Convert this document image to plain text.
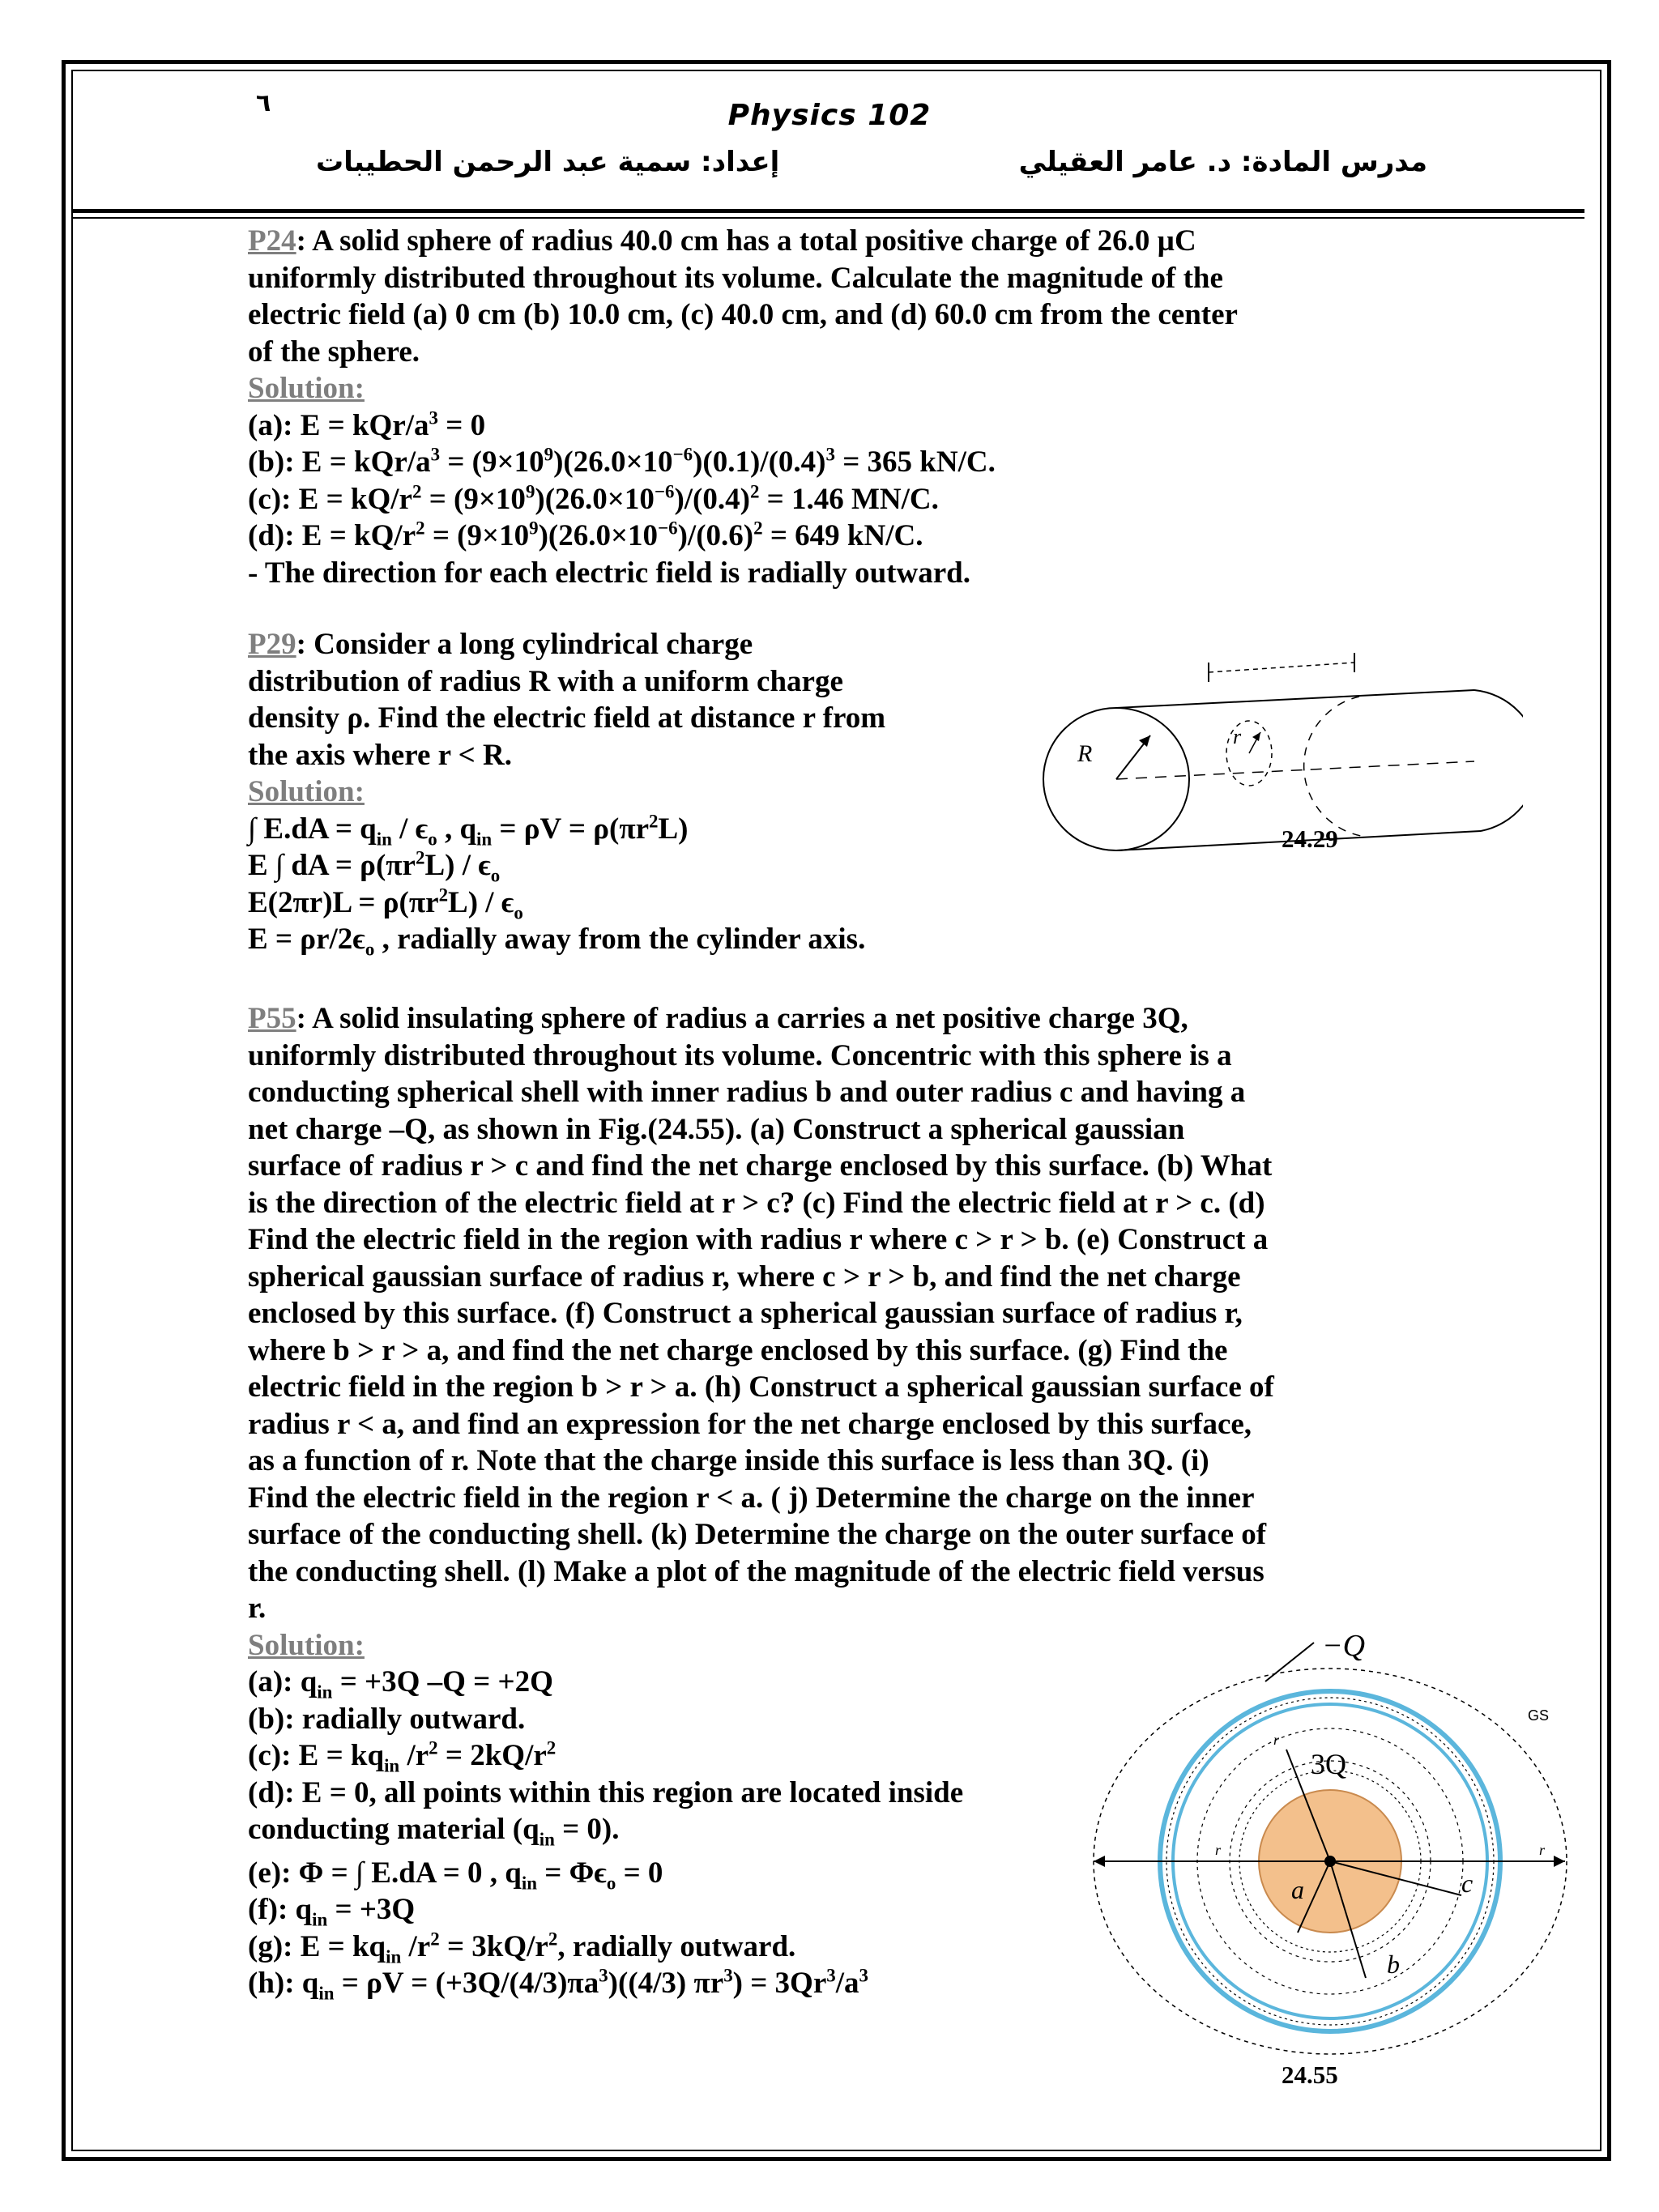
٦	Physics 102
إعداد: سمية عبد الرحمن الحطيبات	مدرس المادة: د. عامر العقيلي

P24: A solid sphere of radius 40.0 cm has a total positive charge of 26.0 µC

uniformly distributed throughout its volume. Calculate the magnitude of the

electric field (a) 0 cm (b) 10.0 cm, (c) 40.0 cm, and (d) 60.0 cm from the center

of the sphere.

Solution:

(a): E = kQr/$a^3 = 0$

(b): E = kQr/$a^3 = (9\times 10^9)(26.0\times 10^{-6})(0.1)/(0.4)^3 = 365$ kN/C.

(c): $E = kQ/r^2 = (9\times 10^9)(26.0\times 10^{-6})/(0.4)^2 = 1.46$ MN/C.

(d): $E = kQ/r^2 = (9\times 10^9)(26.0\times 10^{-6})/(0.6)^2 = 649$ kN/C.

- The direction for each electric field is radially outward.

P29: Consider a long cylindrical charge

distribution of radius R with a uniform charge

density ρ. Find the electric field at distance r from

the axis where r < R.

Solution:

∫ $E.dA = q_{in} / \epsilon_o$ , $q_{in} = \rho V = \rho(\pi r^2L)$

E ∫ dA = $\rho(\pi r^2L) / \epsilon_o$

$E(2\pi r)L = \rho(\pi r^2L) / \epsilon_o$

$E = \rho r/2\epsilon_o$ , radially away from the cylinder axis.

R
r
24.29

P55: A solid insulating sphere of radius a carries a net positive charge 3Q,

uniformly distributed throughout its volume. Concentric with this sphere is a

conducting spherical shell with inner radius b and outer radius c and having a

net charge –Q, as shown in Fig.(24.55). (a) Construct a spherical gaussian

surface of radius r > c and find the net charge enclosed by this surface. (b) What

is the direction of the electric field at r > c? (c) Find the electric field at r > c. (d)

Find the electric field in the region with radius r where c > r > b. (e) Construct a

spherical gaussian surface of radius r, where c > r > b, and find the net charge

enclosed by this surface. (f) Construct a spherical gaussian surface of radius r,

where b > r > a, and find the net charge enclosed by this surface. (g) Find the

electric field in the region b > r > a. (h) Construct a spherical gaussian surface of

radius r < a, and find an expression for the net charge enclosed by this surface,

as a function of r. Note that the charge inside this surface is less than 3Q. (i)

Find the electric field in the region r < a. ( j) Determine the charge on the inner

surface of the conducting shell. (k) Determine the charge on the outer surface of

the conducting shell. (l) Make a plot of the magnitude of the electric field versus

r.

Solution:

(a): $q_{in} = +3Q$ –Q = +2Q

(b): radially outward.

(c): $E = kq_{in}$ $/r^2 = 2kQ/r^2$

(d): E = 0, all points within this region are located inside

conducting material $(q_{in} = 0)$.

(e): Φ = ∫ E.dA = 0 , $q_{in} = \Phi\epsilon_o = 0$

(f): $q_{in} = +3Q$

(g): $E = kq_{in}$ $/r^2 = 3kQ/r^2$, radially outward.

(h): $q_{in} = \rho V = (+3Q/(4/3)\pi a^3)((4/3) \pi r^3) = 3Qr^3/a^3$

−Q
3Q
GS
a
b
c
r
r	r
24.55
